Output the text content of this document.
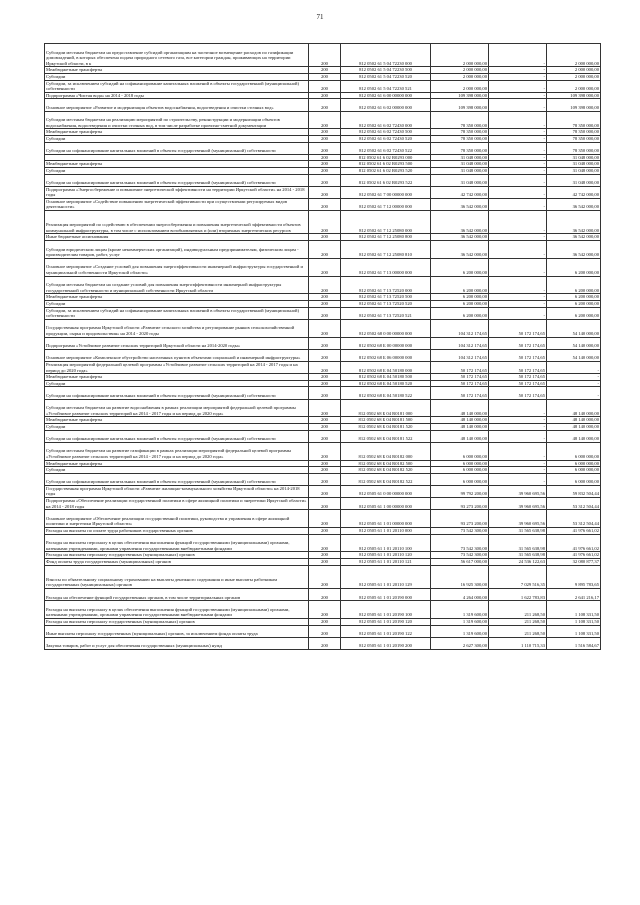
71
Субсидии местным бюджетам на предоставление субсидий организациям на частичное возмещение расходов по газификации домовладений, в которых обеспечена подача природного сетевого газа, все категории граждан, проживающих на территории Иркутской области, в к	200	812 0502 61 5 04 72230 000	2 000 000,00	-	2 000 000,00
Межбюджетные трансферты	200	812 0502 61 5 04 72230 500	2 000 000,00	-	2 000 000,00
Субсидии	200	812 0502 61 5 04 72230 520	2 000 000,00	-	2 000 000,00
Субсидии, за исключением субсидий на софинансирование капитальных вложений в объекты государственной (муниципальной) собственности	200	812 0502 61 5 04 72230 521	2 000 000,00	-	2 000 000,00
Подпрограмма «Чистая вода» на 2014 - 2018 годы	200	812 0502 61 6 00 00000 000	109 398 000,00	-	109 398 000,00
Основное мероприятие «Развитие и модернизация объектов водоснабжения, водоотведения и очистки сточных вод»	200	812 0502 61 6 02 00000 000	109 398 000,00	-	109 398 000,00
Субсидии местным бюджетам на реализацию мероприятий по строительству, реконструкции и модернизации объектов водоснабжения, водоотведения и очистки сточных вод, в том числе разработке проектно-сметной документации	200	812 0502 61 6 02 72430 000	78 350 000,00	-	78 350 000,00
Межбюджетные трансферты	200	812 0502 61 6 02 72430 500	78 350 000,00	-	78 350 000,00
Субсидии	200	812 0502 61 6 02 72430 520	78 350 000,00	-	78 350 000,00
Субсидии на софинансирование капитальных вложений в объекты государственной (муниципальной) собственности	200	812 0502 61 6 02 72430 522	78 350 000,00	-	78 350 000,00
	200	812 0502 61 6 02 R0293 000	31 048 000,00	-	31 048 000,00
Межбюджетные трансферты	200	812 0502 61 6 02 R0293 500	31 048 000,00	-	31 048 000,00
Субсидии	200	812 0502 61 6 02 R0293 520	31 048 000,00	-	31 048 000,00
Субсидии на софинансирование капитальных вложений в объекты государственной (муниципальной) собственности	200	812 0502 61 6 02 R0293 522	31 048 000,00	-	31 048 000,00
Подпрограмма «Энергосбережение и повышение энергетической эффективности на территории Иркутской области» на 2014 - 2018 годы	200	812 0502 61 7 00 00000 000	42 742 000,00	-	42 742 000,00
Основное мероприятие «Содействие повышению энергетической эффективности при осуществлении регулируемых видов деятельности»	200	812 0502 61 7 12 00000 000	36 542 000,00	-	36 542 000,00
Реализация мероприятий по содействию в обеспечении энергосбережения и повышения энергетической эффективности объектов коммунальной инфраструктуры, в том числе с использованием возобновляемых и (или) вторичных энергетических ресурсов	200	812 0502 61 7 12 25080 000	36 542 000,00	-	36 542 000,00
Иные бюджетные ассигнования	200	812 0502 61 7 12 25080 800	36 542 000,00	-	36 542 000,00
Субсидии юридическим лицам (кроме некоммерческих организаций), индивидуальным предпринимателям, физическим лицам - производителям товаров, работ, услуг	200	812 0502 61 7 12 25080 810	36 542 000,00	-	36 542 000,00
Основное мероприятие «Создание условий для повышения энергоэффективности инженерной инфраструктуры государственной и муниципальной собственности Иркутской области»	200	812 0502 61 7 13 00000 000	6 200 000,00	-	6 200 000,00
Субсидии местным бюджетам на создание условий для повышения энергоэффективности инженерной инфраструктуры государственной собственности и муниципальной собственности Иркутской области	200	812 0502 61 7 13 72520 000	6 200 000,00	-	6 200 000,00
Межбюджетные трансферты	200	812 0502 61 7 13 72520 500	6 200 000,00	-	6 200 000,00
Субсидии	200	812 0502 61 7 13 72520 520	6 200 000,00	-	6 200 000,00
Субсидии, за исключением субсидий на софинансирование капитальных вложений в объекты государственной (муниципальной) собственности	200	812 0502 61 7 13 72520 521	6 200 000,00	-	6 200 000,00
Государственная программа Иркутской области «Развитие сельского хозяйства и регулирование рынков сельскохозяйственной продукции, сырья и продовольствия» на 2014 - 2020 годы	200	812 0502 68 0 00 00000 000	104 312 174,65	50 172 174,65	54 140 000,00
Подпрограмма «Устойчивое развитие сельских территорий Иркутской области на 2014-2020 годы»	200	812 0502 68 Б 00 00000 000	104 312 174,65	50 172 174,65	54 140 000,00
Основное мероприятие «Комплексное обустройство населенных пунктов объектами социальной и инженерной инфраструктуры»	200	812 0502 68 Б 06 00000 000	104 312 174,65	50 172 174,65	54 140 000,00
Реализация мероприятий федеральной целевой программы «Устойчивое развитие сельских территорий на 2014 - 2017 годы и на период до 2020 года»	200	812 0502 68 Б 04 50180 000	50 172 174,65	50 172 174,65	-
Межбюджетные трансферты	200	812 0502 68 Б 04 50180 500	50 172 174,65	50 172 174,65	-
Субсидии	200	812 0502 68 Б 04 50180 520	50 172 174,65	50 172 174,65	-
Субсидии на софинансирование капитальных вложений в объекты государственной (муниципальной) собственности	200	812 0502 68 Б 04 50180 522	50 172 174,65	50 172 174,65	-
Субсидии местным бюджетам на развитие водоснабжения в рамках реализации мероприятий федеральной целевой программы «Устойчивое развитие сельских территорий на 2014 - 2017 годы и на период до 2020 года»	200	812 0502 68 Б 04 R0181 000	48 140 000,00	-	48 140 000,00
Межбюджетные трансферты	200	812 0502 68 Б 04 R0181 500	48 140 000,00	-	48 140 000,00
Субсидии	200	812 0502 68 Б 04 R0181 520	48 140 000,00	-	48 140 000,00
Субсидии на софинансирование капитальных вложений в объекты государственной (муниципальной) собственности	200	812 0502 68 Б 04 R0181 522	48 140 000,00	-	48 140 000,00
Субсидии местным бюджетам на развитие газификации в рамках реализации мероприятий федеральной целевой программы «Устойчивое развитие сельских территорий на 2014 - 2017 годы и на период до 2020 года»	200	812 0502 68 Б 04 R0182 000	6 000 000,00	-	6 000 000,00
Межбюджетные трансферты	200	812 0502 68 Б 04 R0182 500	6 000 000,00	-	6 000 000,00
Субсидии	200	812 0502 68 Б 04 R0182 520	6 000 000,00	-	6 000 000,00
Субсидии на софинансирование капитальных вложений в объекты государственной (муниципальной) собственности	200	812 0502 68 Б 04 R0182 522	6 000 000,00	-	6 000 000,00
Государственная программа Иркутской области «Развитие жилищно-коммунального хозяйства Иркутской области» на 2014-2018 годы	200	812 0505 61 0 00 00000 000	99 792 200,00	39 960 695,56	59 832 504,44
Подпрограмма «Обеспечение реализации государственной политики в сфере жилищной политики и энергетики Иркутской области» на 2014 - 2018 годы	200	812 0505 61 1 00 00000 000	93 273 200,00	39 960 695,56	53 312 504,44
Основное мероприятие «Обеспечение реализации государственной политики, руководства и управления в сфере жилищной политики и энергетики Иркутской области»	200	812 0505 61 1 01 00000 000	93 273 200,00	39 960 695,56	53 312 504,44
Расходы на выплаты по оплате труда работников государственных органов	200	812 0505 61 1 01 20110 000	73 542 300,00	31 565 638,98	41 976 661,02
Расходы на выплаты персоналу в целях обеспечения выполнения функций государственными (муниципальными) органами, казенными учреждениями, органами управления государственными внебюджетными фондами	200	812 0505 61 1 01 20110 100	73 542 300,00	31 565 638,98	41 976 661,02
Расходы на выплаты персоналу государственных (муниципальных) органов	200	812 0505 61 1 01 20110 120	73 542 300,00	31 565 638,98	41 976 661,02
Фонд оплаты труда государственных (муниципальных) органов	200	812 0505 61 1 01 20110 121	56 617 000,00	24 536 122,63	32 080 877,37
Взносы по обязательному социальному страхованию на выплаты денежного содержания и иные выплаты работникам государственных (муниципальных) органов	200	812 0505 61 1 01 20110 129	16 925 300,00	7 029 516,35	9 895 783,65
Расходы на обеспечение функций государственных органов, в том числе территориальных органов	200	812 0505 61 1 01 20190 000	4 264 000,00	1 622 783,83	2 641 216,17
Расходы на выплаты персоналу в целях обеспечения выполнения функций государственными (муниципальными) органами, казенными учреждениями, органами управления государственными внебюджетными фондами	200	812 0505 61 1 01 20190 100	1 319 600,00	211 268,50	1 108 331,50
Расходы на выплаты персоналу государственных (муниципальных) органов	200	812 0505 61 1 01 20190 120	1 319 600,00	211 268,50	1 108 331,50
Иные выплаты персоналу государственных (муниципальных) органов, за исключением фонда оплаты труда	200	812 0505 61 1 01 20190 122	1 319 600,00	211 268,50	1 108 331,50
Закупка товаров, работ и услуг для обеспечения государственных (муниципальных) нужд	200	812 0505 61 1 01 20190 200	2 627 300,00	1 110 715,33	1 516 584,67
